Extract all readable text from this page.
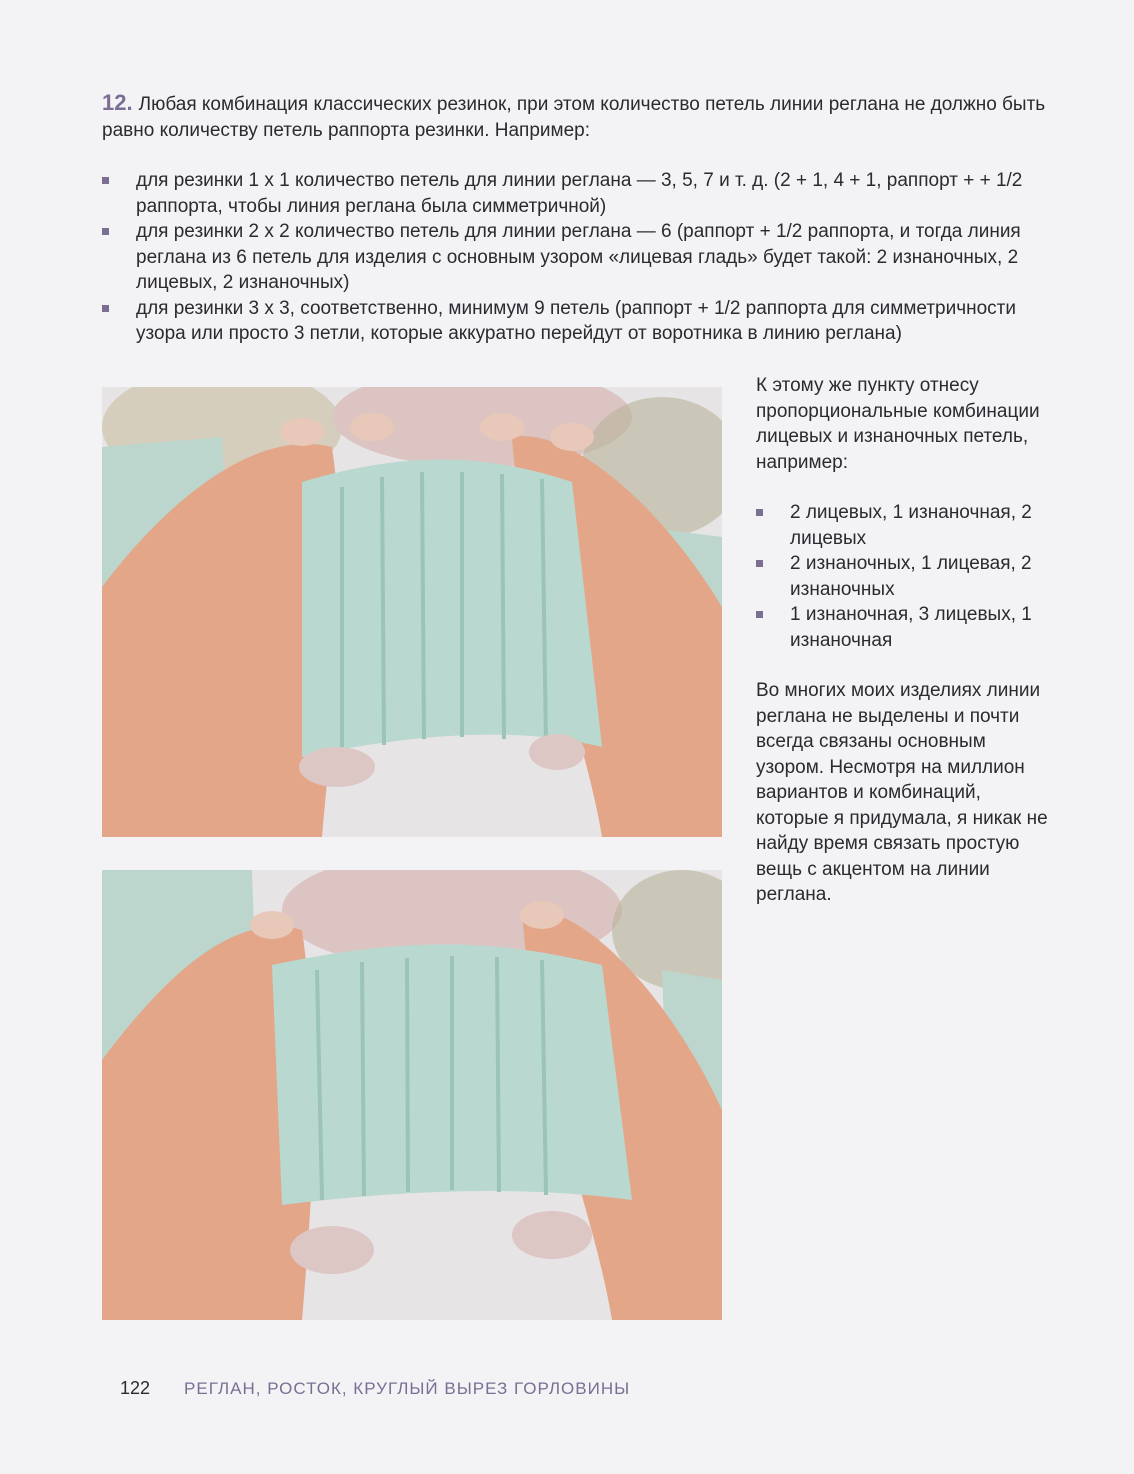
12. Любая комбинация классических резинок, при этом количество петель линии реглана не должно быть равно количеству петель раппорта резинки. Например:

для резинки 1 х 1 количество петель для линии реглана — 3, 5, 7 и т. д. (2 + 1, 4 + 1, раппорт + + 1/2 раппорта, чтобы линия реглана была симметричной)
для резинки 2 х 2 количество петель для линии реглана — 6 (раппорт + 1/2 раппорта, и тогда линия реглана из 6 петель для изделия с основным узором «лицевая гладь» будет такой: 2 изнаночных, 2 лицевых, 2 изнаночных)
для резинки 3 х 3, соответственно, минимум 9 петель (раппорт + 1/2 раппорта для симметричности узора или просто 3 петли, которые аккуратно перейдут от воротника в линию реглана)

К этому же пункту отнесу пропорциональные комбинации лицевых и изнаночных петель, например:

2 лицевых, 1 изнаночная, 2 лицевых
2 изнаночных, 1 лицевая, 2 изнаночных
1 изнаночная, 3 лицевых, 1 изнаночная

Во многих моих изделиях линии реглана не выделены и почти всегда связаны основным узором. Несмотря на миллион вариантов и комбинаций, которые я придумала, я никак не найду время связать простую вещь с акцентом на линии реглана.

122 РЕГЛАН, РОСТОК, КРУГЛЫЙ ВЫРЕЗ ГОРЛОВИНЫ
